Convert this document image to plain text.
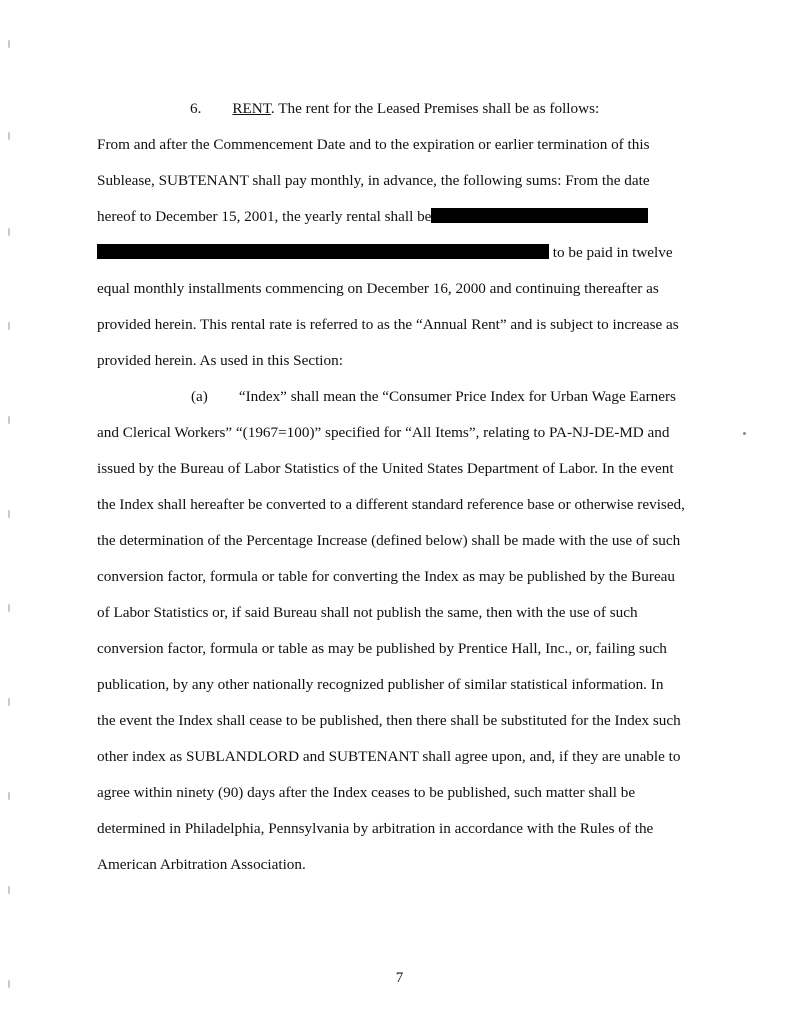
6. RENT. The rent for the Leased Premises shall be as follows:
From and after the Commencement Date and to the expiration or earlier termination of this
Sublease, SUBTENANT shall pay monthly, in advance, the following sums: From the date
hereof to December 15, 2001, the yearly rental shall be
to be paid in twelve
equal monthly installments commencing on December 16, 2000 and continuing thereafter as
provided herein. This rental rate is referred to as the “Annual Rent” and is subject to increase as
provided herein. As used in this Section:
(a) “Index” shall mean the “Consumer Price Index for Urban Wage Earners
and Clerical Workers” “(1967=100)” specified for “All Items”, relating to PA-NJ-DE-MD and
issued by the Bureau of Labor Statistics of the United States Department of Labor. In the event
the Index shall hereafter be converted to a different standard reference base or otherwise revised,
the determination of the Percentage Increase (defined below) shall be made with the use of such
conversion factor, formula or table for converting the Index as may be published by the Bureau
of Labor Statistics or, if said Bureau shall not publish the same, then with the use of such
conversion factor, formula or table as may be published by Prentice Hall, Inc., or, failing such
publication, by any other nationally recognized publisher of similar statistical information. In
the event the Index shall cease to be published, then there shall be substituted for the Index such
other index as SUBLANDLORD and SUBTENANT shall agree upon, and, if they are unable to
agree within ninety (90) days after the Index ceases to be published, such matter shall be
determined in Philadelphia, Pennsylvania by arbitration in accordance with the Rules of the
American Arbitration Association.
7
